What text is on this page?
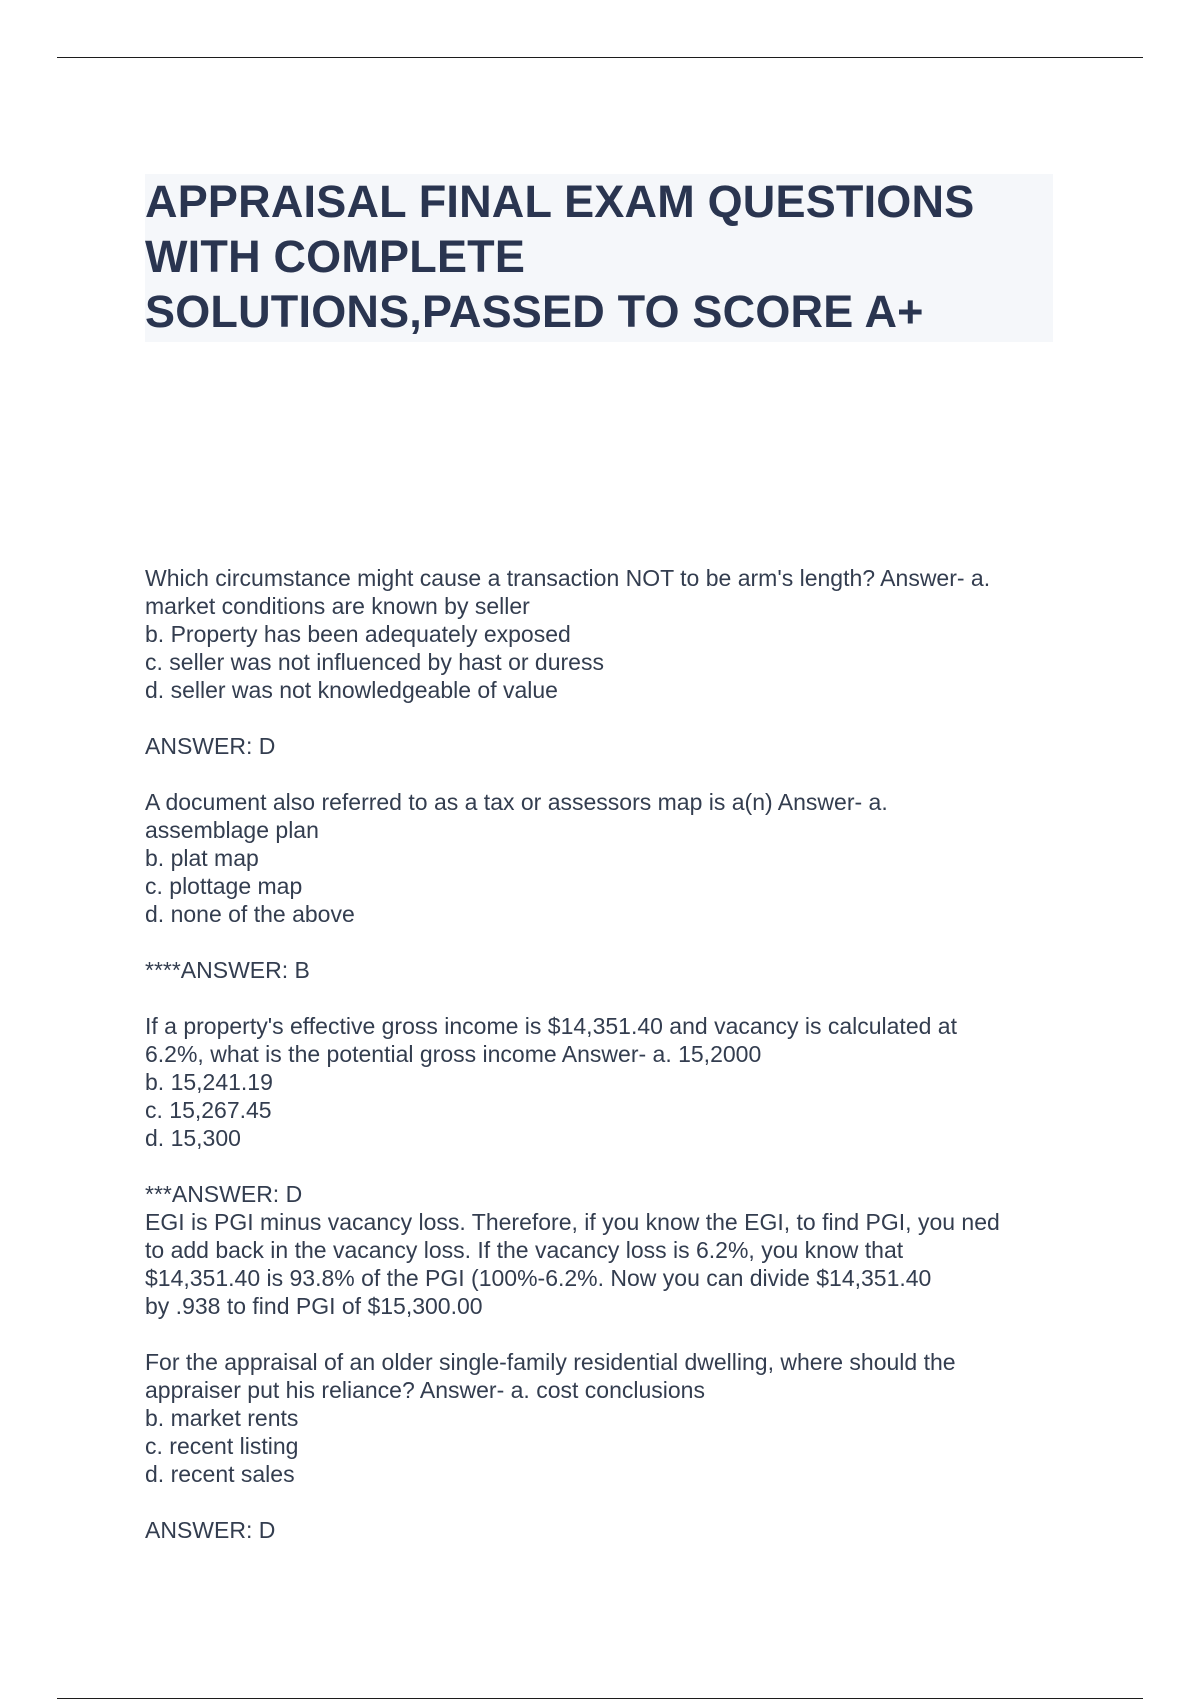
APPRAISAL FINAL EXAM QUESTIONS
WITH COMPLETE
SOLUTIONS,PASSED TO SCORE A+
Which circumstance might cause a transaction NOT to be arm's length? Answer- a.
market conditions are known by seller
b. Property has been adequately exposed
c. seller was not influenced by hast or duress
d. seller was not knowledgeable of value
ANSWER: D
A document also referred to as a tax or assessors map is a(n) Answer- a.
assemblage plan
b. plat map
c. plottage map
d. none of the above
****ANSWER: B
If a property's effective gross income is $14,351.40 and vacancy is calculated at
6.2%, what is the potential gross income Answer- a. 15,2000
b. 15,241.19
c. 15,267.45
d. 15,300
***ANSWER: D
EGI is PGI minus vacancy loss. Therefore, if you know the EGI, to find PGI, you ned
to add back in the vacancy loss. If the vacancy loss is 6.2%, you know that
$14,351.40 is 93.8% of the PGI (100%-6.2%. Now you can divide $14,351.40
by .938 to find PGI of $15,300.00
For the appraisal of an older single-family residential dwelling, where should the
appraiser put his reliance? Answer- a. cost conclusions
b. market rents
c. recent listing
d. recent sales
ANSWER: D
